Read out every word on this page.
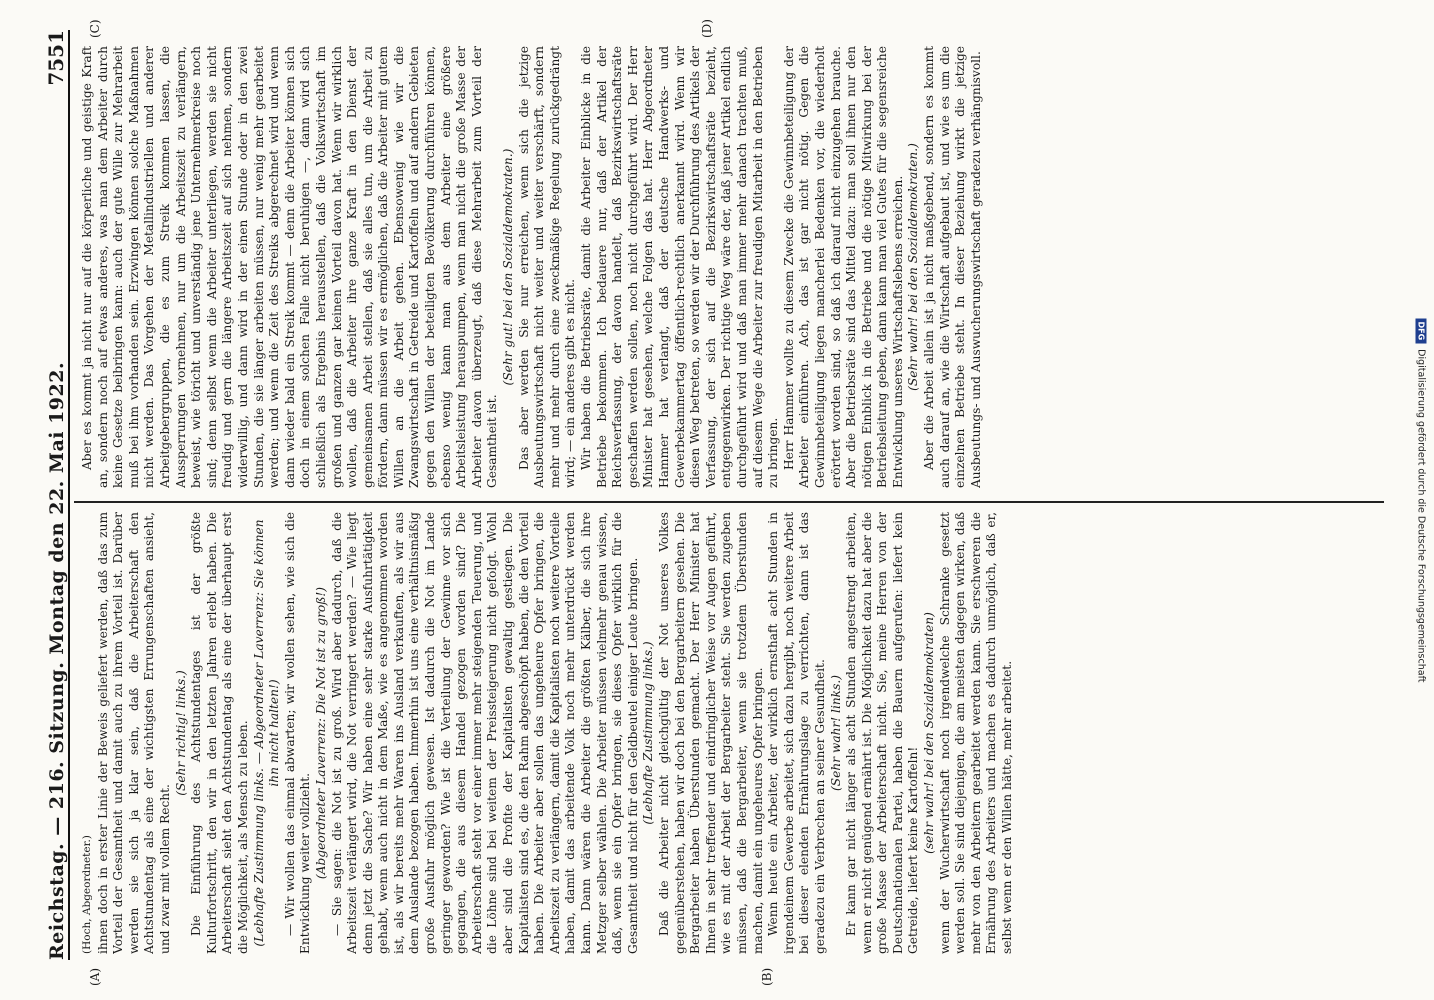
Reichstag. — 216. Sitzung. Montag den 22. Mai 1922.
7551
(A)	(B)
(C)	(D)

(Hoch, Abgeordneter.) ihnen doch in erster Linie der Beweis geliefert werden, daß das zum Vorteil der Gesamtheit und damit auch zu ihrem Vorteil ist. Darüber werden sie sich ja klar sein, daß die Arbeiterschaft den Achtstundentag als eine der wichtigsten Errungenschaften ansieht, und zwar mit vollem Recht.

(Sehr richtig! links.) Die Einführung des Achtstundentages ist der größte Kulturfortschritt, den wir in den letzten Jahren erlebt haben. Die Arbeiterschaft sieht den Achtstundentag als eine der überhaupt erst die Möglichkeit, als Mensch zu leben. (Lebhafte Zustimmung links. — Abgeordneter Laverrenz: Sie können ihn nicht halten!) — Wir wollen das einmal abwarten; wir wollen sehen, wie sich die Entwicklung weiter vollzieht. (Abgeordneter Laverrenz: Die Not ist zu groß!) — Sie sagen: die Not ist zu groß. Wird aber dadurch, daß die Arbeitszeit verlängert wird, die Not verringert werden? — Wie liegt denn jetzt die Sache? Wir haben eine sehr starke Ausfuhrtätigkeit gehabt, wenn auch nicht in dem Maße, wie es angenommen worden ist, als wir bereits mehr Waren ins Ausland verkauften, als wir aus dem Auslande bezogen haben. Immerhin ist uns eine verhältnismäßig große Ausfuhr möglich gewesen. Ist dadurch die Not im Lande geringer geworden? Wie ist die Verteilung der Gewinne vor sich gegangen, die aus diesem Handel gezogen worden sind? Die Arbeiterschaft steht vor einer immer mehr steigenden Teuerung, und die Löhne sind bei weitem der Preissteigerung nicht gefolgt. Wohl aber sind die Profite der Kapitalisten gewaltig gestiegen. Die Kapitalisten sind es, die den Rahm abgeschöpft haben, die den Vorteil haben. Die Arbeiter aber sollen das ungeheure Opfer bringen, die Arbeitszeit zu verlängern, damit die Kapitalisten noch weitere Vorteile haben, damit das arbeitende Volk noch mehr unterdrückt werden kann. Dann wären die Arbeiter die größten Kälber, die sich ihre Metzger selber wählen. Die Arbeiter müssen vielmehr genau wissen, daß, wenn sie ein Opfer bringen, sie dieses Opfer wirklich für die Gesamtheit und nicht für den Geldbeutel einiger Leute bringen. (Lebhafte Zustimmung links.) Daß die Arbeiter nicht gleichgültig der Not unseres Volkes gegenüberstehen, haben wir doch bei den Bergarbeitern gesehen. Die Bergarbeiter haben Überstunden gemacht. Der Herr Minister hat Ihnen in sehr treffender und eindringlicher Weise vor Augen geführt, wie es mit der Arbeit der Bergarbeiter steht. Sie werden zugeben müssen, daß die Bergarbeiter, wenn sie trotzdem Überstunden machen, damit ein ungeheures Opfer bringen. Wenn heute ein Arbeiter, der wirklich ernsthaft acht Stunden in irgendeinem Gewerbe arbeitet, sich dazu hergibt, noch weitere Arbeit bei dieser elenden Ernährungslage zu verrichten, dann ist das geradezu ein Verbrechen an seiner Gesundheit. (Sehr wahr! links.) Er kann gar nicht länger als acht Stunden angestrengt arbeiten, wenn er nicht genügend ernährt ist. Die Möglichkeit dazu hat aber die große Masse der Arbeiterschaft nicht. Sie, meine Herren von der Deutschnationalen Partei, haben die Bauern aufgerufen: liefert kein Getreide, liefert keine Kartoffeln! (sehr wahr! bei den Sozialdemokraten) wenn der Wucherwirtschaft noch irgendwelche Schranke gesetzt werden soll. Sie sind diejenigen, die am meisten dagegen wirken, daß mehr von den Arbeitern gearbeitet werden kann. Sie erschweren die Ernährung des Arbeiters und machen es dadurch unmöglich, daß er, selbst wenn er den Willen hätte, mehr arbeitet.

Aber es kommt ja nicht nur auf die körperliche und geistige Kraft an, sondern noch auf etwas anderes, was man dem Arbeiter durch keine Gesetze beibringen kann: auch der gute Wille zur Mehrarbeit muß bei ihm vorhanden sein. Erzwingen können solche Maßnahmen nicht werden. Das Vorgehen der Metallindustriellen und anderer Arbeitgebergruppen, die es zum Streik kommen lassen, die Aussperrungen vornehmen, nur um die Arbeitszeit zu verlängern, beweist, wie töricht und unverständig jene Unternehmerkreise noch sind; denn selbst wenn die Arbeiter unterliegen, werden sie nicht freudig und gern die längere Arbeitszeit auf sich nehmen, sondern widerwillig, und dann wird in der einen Stunde oder in den zwei Stunden, die sie länger arbeiten müssen, nur wenig mehr gearbeitet werden; und wenn die Zeit des Streiks abgerechnet wird und wenn dann wieder bald ein Streik kommt — denn die Arbeiter können sich doch in einem solchen Falle nicht beruhigen —, dann wird sich schließlich als Ergebnis herausstellen, daß die Volkswirtschaft im großen und ganzen gar keinen Vorteil davon hat. Wenn wir wirklich wollen, daß die Arbeiter ihre ganze Kraft in den Dienst der gemeinsamen Arbeit stellen, daß sie alles tun, um die Arbeit zu fördern, dann müssen wir es ermöglichen, daß die Arbeiter mit gutem Willen an die Arbeit gehen. Ebensowenig wie wir die Zwangswirtschaft in Getreide und Kartoffeln und auf andern Gebieten gegen den Willen der beteiligten Bevölkerung durchführen können, ebenso wenig kann man aus dem Arbeiter eine größere Arbeitsleistung herauspumpen, wenn man nicht die große Masse der Arbeiter davon überzeugt, daß diese Mehrarbeit zum Vorteil der Gesamtheit ist.

(Sehr gut! bei den Sozialdemokraten.) Das aber werden Sie nur erreichen, wenn sich die jetzige Ausbeutungswirtschaft nicht weiter und weiter verschärft, sondern mehr und mehr durch eine zweckmäßige Regelung zurückgedrängt wird; — ein anderes gibt es nicht. Wir haben die Betriebsräte, damit die Arbeiter Einblicke in die Betriebe bekommen. Ich bedauere nur, daß der Artikel der Reichsverfassung, der davon handelt, daß Bezirkswirtschaftsräte geschaffen werden sollen, noch nicht durchgeführt wird. Der Herr Minister hat gesehen, welche Folgen das hat. Herr Abgeordneter Hammer hat verlangt, daß der deutsche Handwerks- und Gewerbekammertag öffentlich-rechtlich anerkannt wird. Wenn wir diesen Weg betreten, so werden wir der Durchführung des Artikels der Verfassung, der sich auf die Bezirkswirtschaftsräte bezieht, entgegenwirken. Der richtige Weg wäre der, daß jener Artikel endlich durchgeführt wird und daß man immer mehr danach trachten muß, auf diesem Wege die Arbeiter zur freudigen Mitarbeit in den Betrieben zu bringen. Herr Hammer wollte zu diesem Zwecke die Gewinnbeteiligung der Arbeiter einführen. Ach, das ist gar nicht nötig. Gegen die Gewinnbeteiligung liegen mancherlei Bedenken vor, die wiederholt erörtert worden sind, so daß ich darauf nicht einzugehen brauche. Aber die Betriebsräte sind das Mittel dazu: man soll ihnen nur den nötigen Einblick in die Betriebe und die nötige Mitwirkung bei der Betriebsleitung geben, dann kann man viel Gutes für die segensreiche Entwicklung unseres Wirtschaftslebens erreichen. (Sehr wahr! bei den Sozialdemokraten.) Aber die Arbeit allein ist ja nicht maßgebend, sondern es kommt auch darauf an, wie die Wirtschaft aufgebaut ist, und wie es um die einzelnen Betriebe steht. In dieser Beziehung wirkt die jetzige Ausbeutungs- und Auswucherungswirtschaft geradezu verhängnisvoll.	DFG
Digitalisierung gefördert durch die Deutsche Forschungsgemeinschaft
